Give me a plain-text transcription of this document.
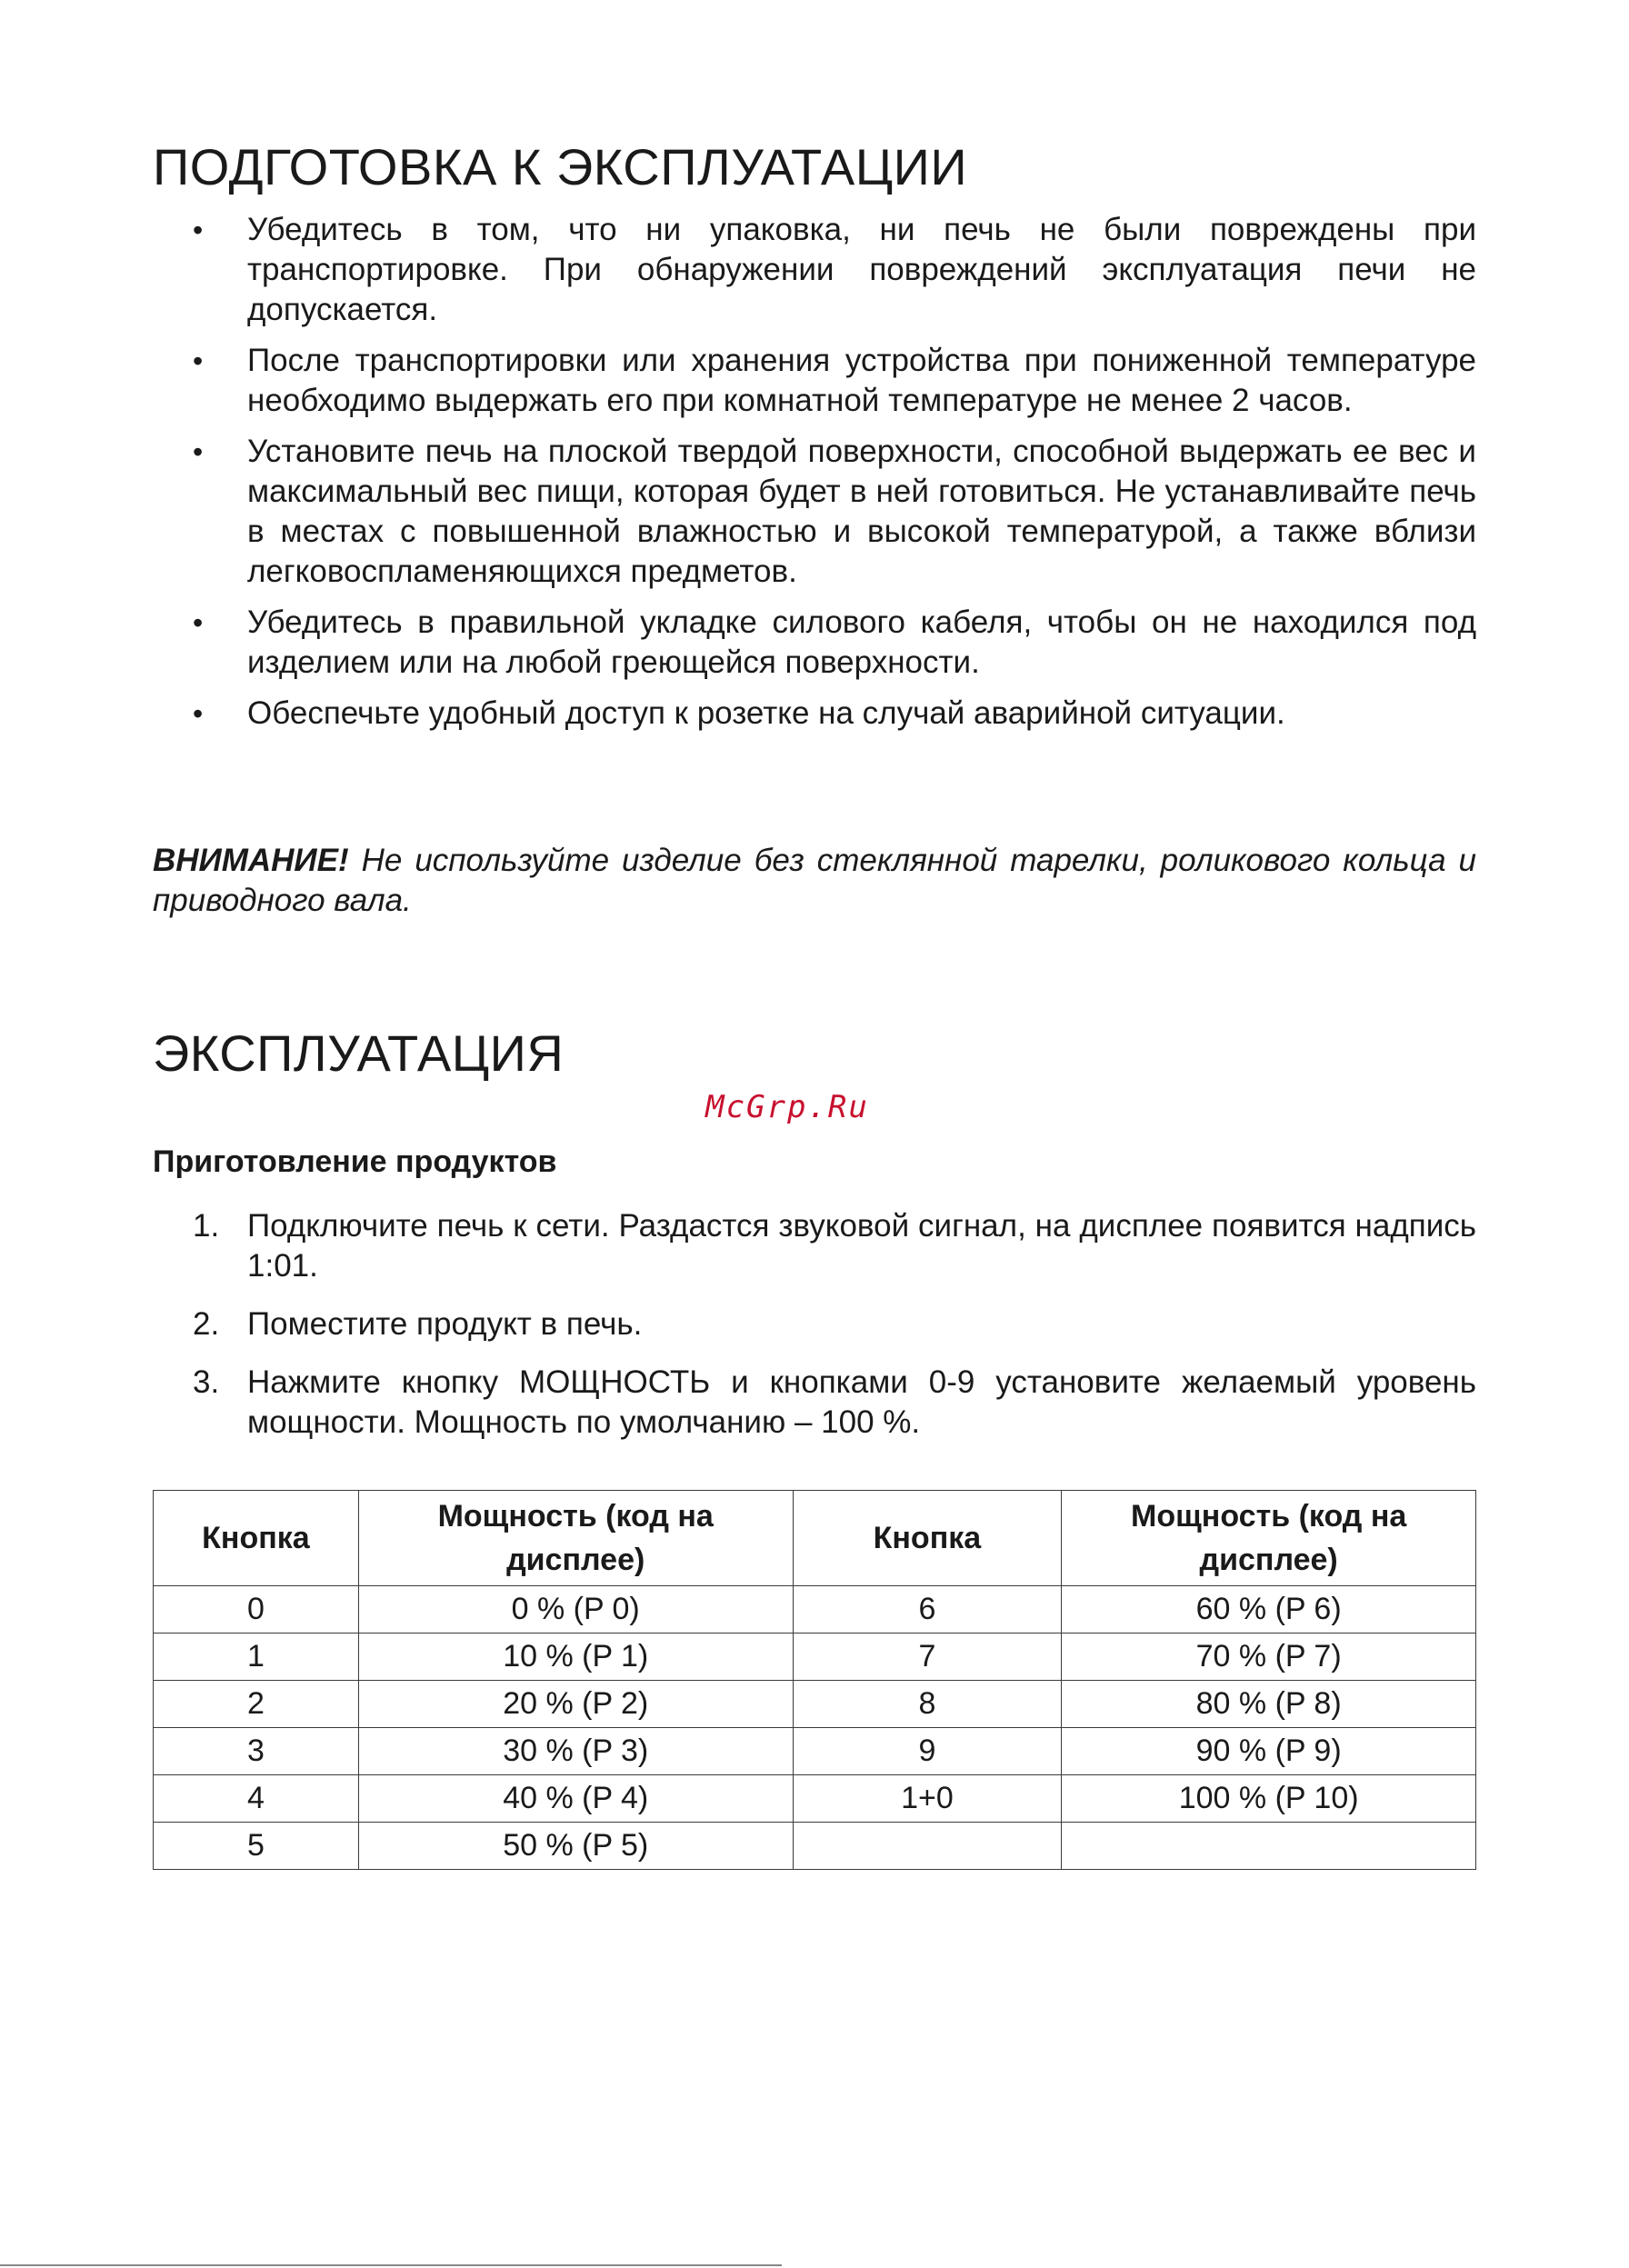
ПОДГОТОВКА К ЭКСПЛУАТАЦИИ
• Убедитесь в том, что ни упаковка, ни печь не были повреждены при транспортировке. При обнаружении повреждений эксплуатация печи не допускается.
• После транспортировки или хранения устройства при пониженной температуре необходимо выдержать его при комнатной температуре не менее 2 часов.
• Установите печь на плоской твердой поверхности, способной выдержать ее вес и максимальный вес пищи, которая будет в ней готовиться. Не устанавливайте печь в местах с повышенной влажностью и высокой температурой, а также вблизи легковоспламеняющихся предметов.
• Убедитесь в правильной укладке силового кабеля, чтобы он не находился под изделием или на любой греющейся поверхности.
• Обеспечьте удобный доступ к розетке на случай аварийной ситуации.

ВНИМАНИЕ! Не используйте изделие без стеклянной тарелки, роликового кольца и приводного вала.

ЭКСПЛУАТАЦИЯ
McGrp.Ru
Приготовление продуктов
1. Подключите печь к сети. Раздастся звуковой сигнал, на дисплее появится надпись 1:01.
2. Поместите продукт в печь.
3. Нажмите кнопку МОЩНОСТЬ и кнопками 0-9 установите желаемый уровень мощности. Мощность по умолчанию – 100 %.
Кнопка	Мощность (код на дисплее)	Кнопка	Мощность (код на дисплее)
0	0 % (P 0)	6	60 % (P 6)
1	10 % (P 1)	7	70 % (P 7)
2	20 % (P 2)	8	80 % (P 8)
3	30 % (P 3)	9	90 % (P 9)
4	40 % (P 4)	1+0	100 % (P 10)
5	50 % (P 5)		
